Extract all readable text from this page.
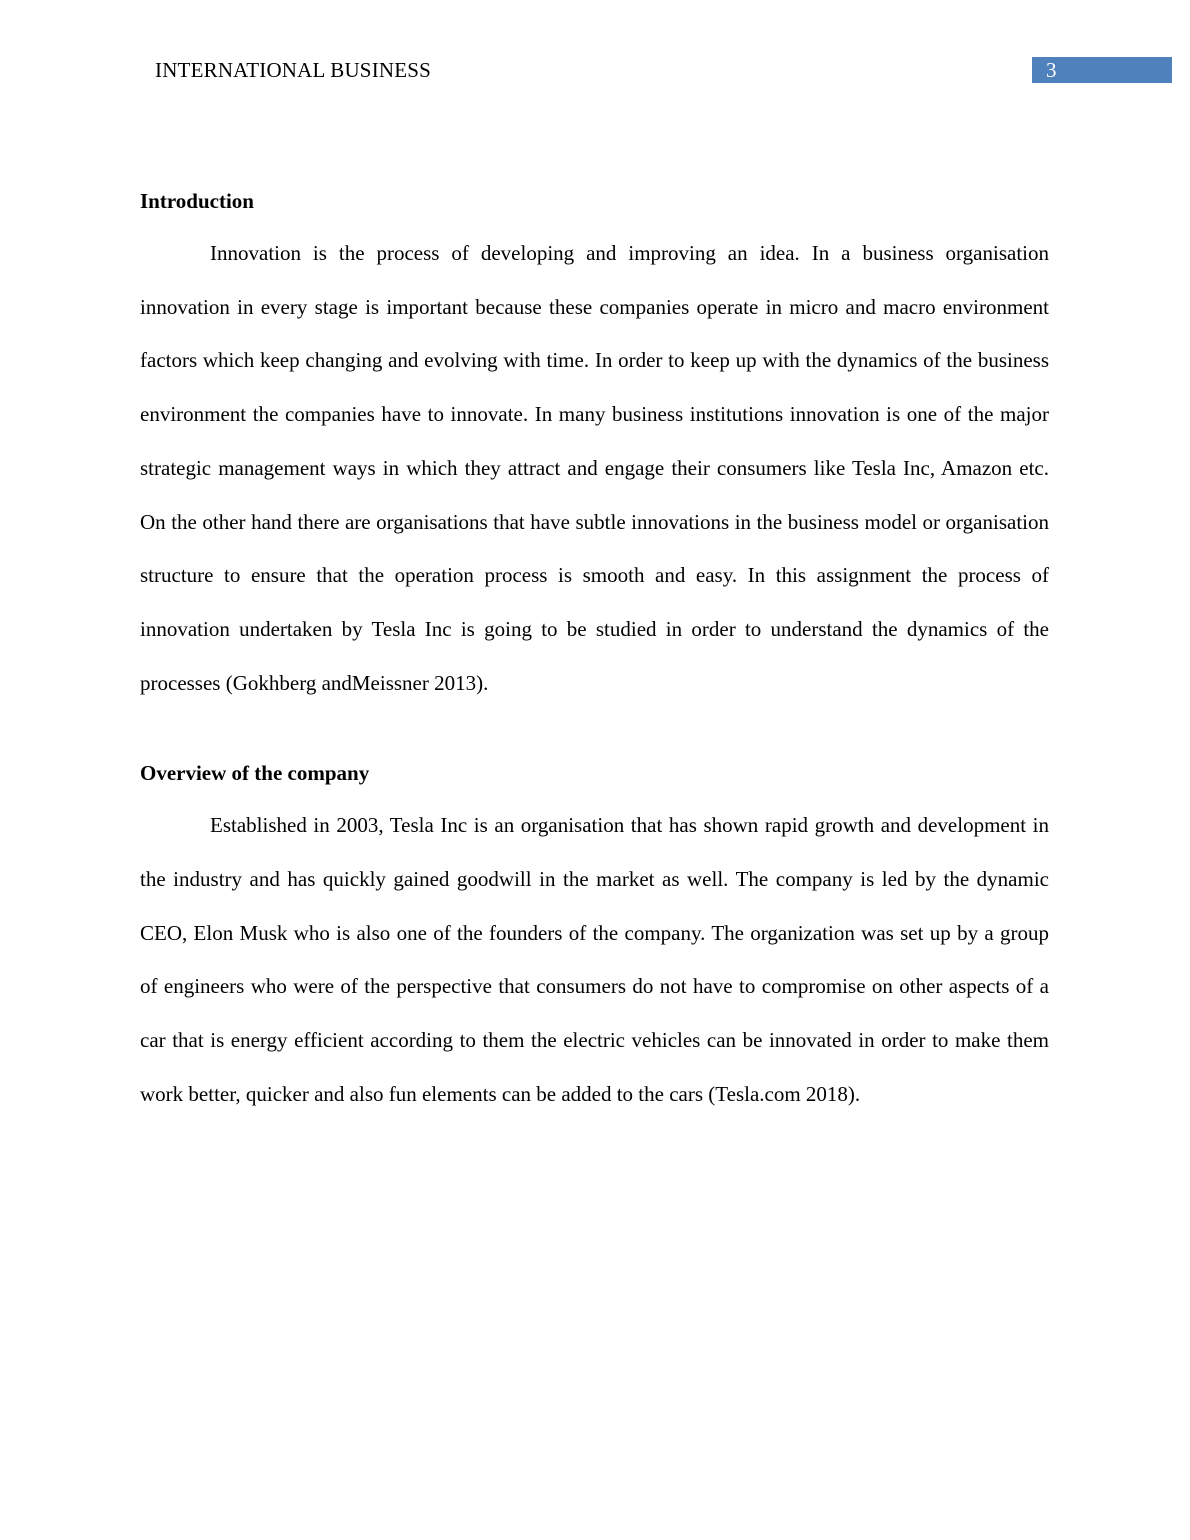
INTERNATIONAL BUSINESS	3
Introduction

Innovation is the process of developing and improving an idea. In a business organisation innovation in every stage is important because these companies operate in micro and macro environment factors which keep changing and evolving with time. In order to keep up with the dynamics of the business environment the companies have to innovate. In many business institutions innovation is one of the major strategic management ways in which they attract and engage their consumers like Tesla Inc, Amazon etc. On the other hand there are organisations that have subtle innovations in the business model or organisation structure to ensure that the operation process is smooth and easy. In this assignment the process of innovation undertaken by Tesla Inc is going to be studied in order to understand the dynamics of the processes (Gokhberg andMeissner 2013).

Overview of the company

Established in 2003, Tesla Inc is an organisation that has shown rapid growth and development in the industry and has quickly gained goodwill in the market as well. The company is led by the dynamic CEO, Elon Musk who is also one of the founders of the company. The organization was set up by a group of engineers who were of the perspective that consumers do not have to compromise on other aspects of a car that is energy efficient according to them the electric vehicles can be innovated in order to make them work better, quicker and also fun elements can be added to the cars (Tesla.com 2018).
